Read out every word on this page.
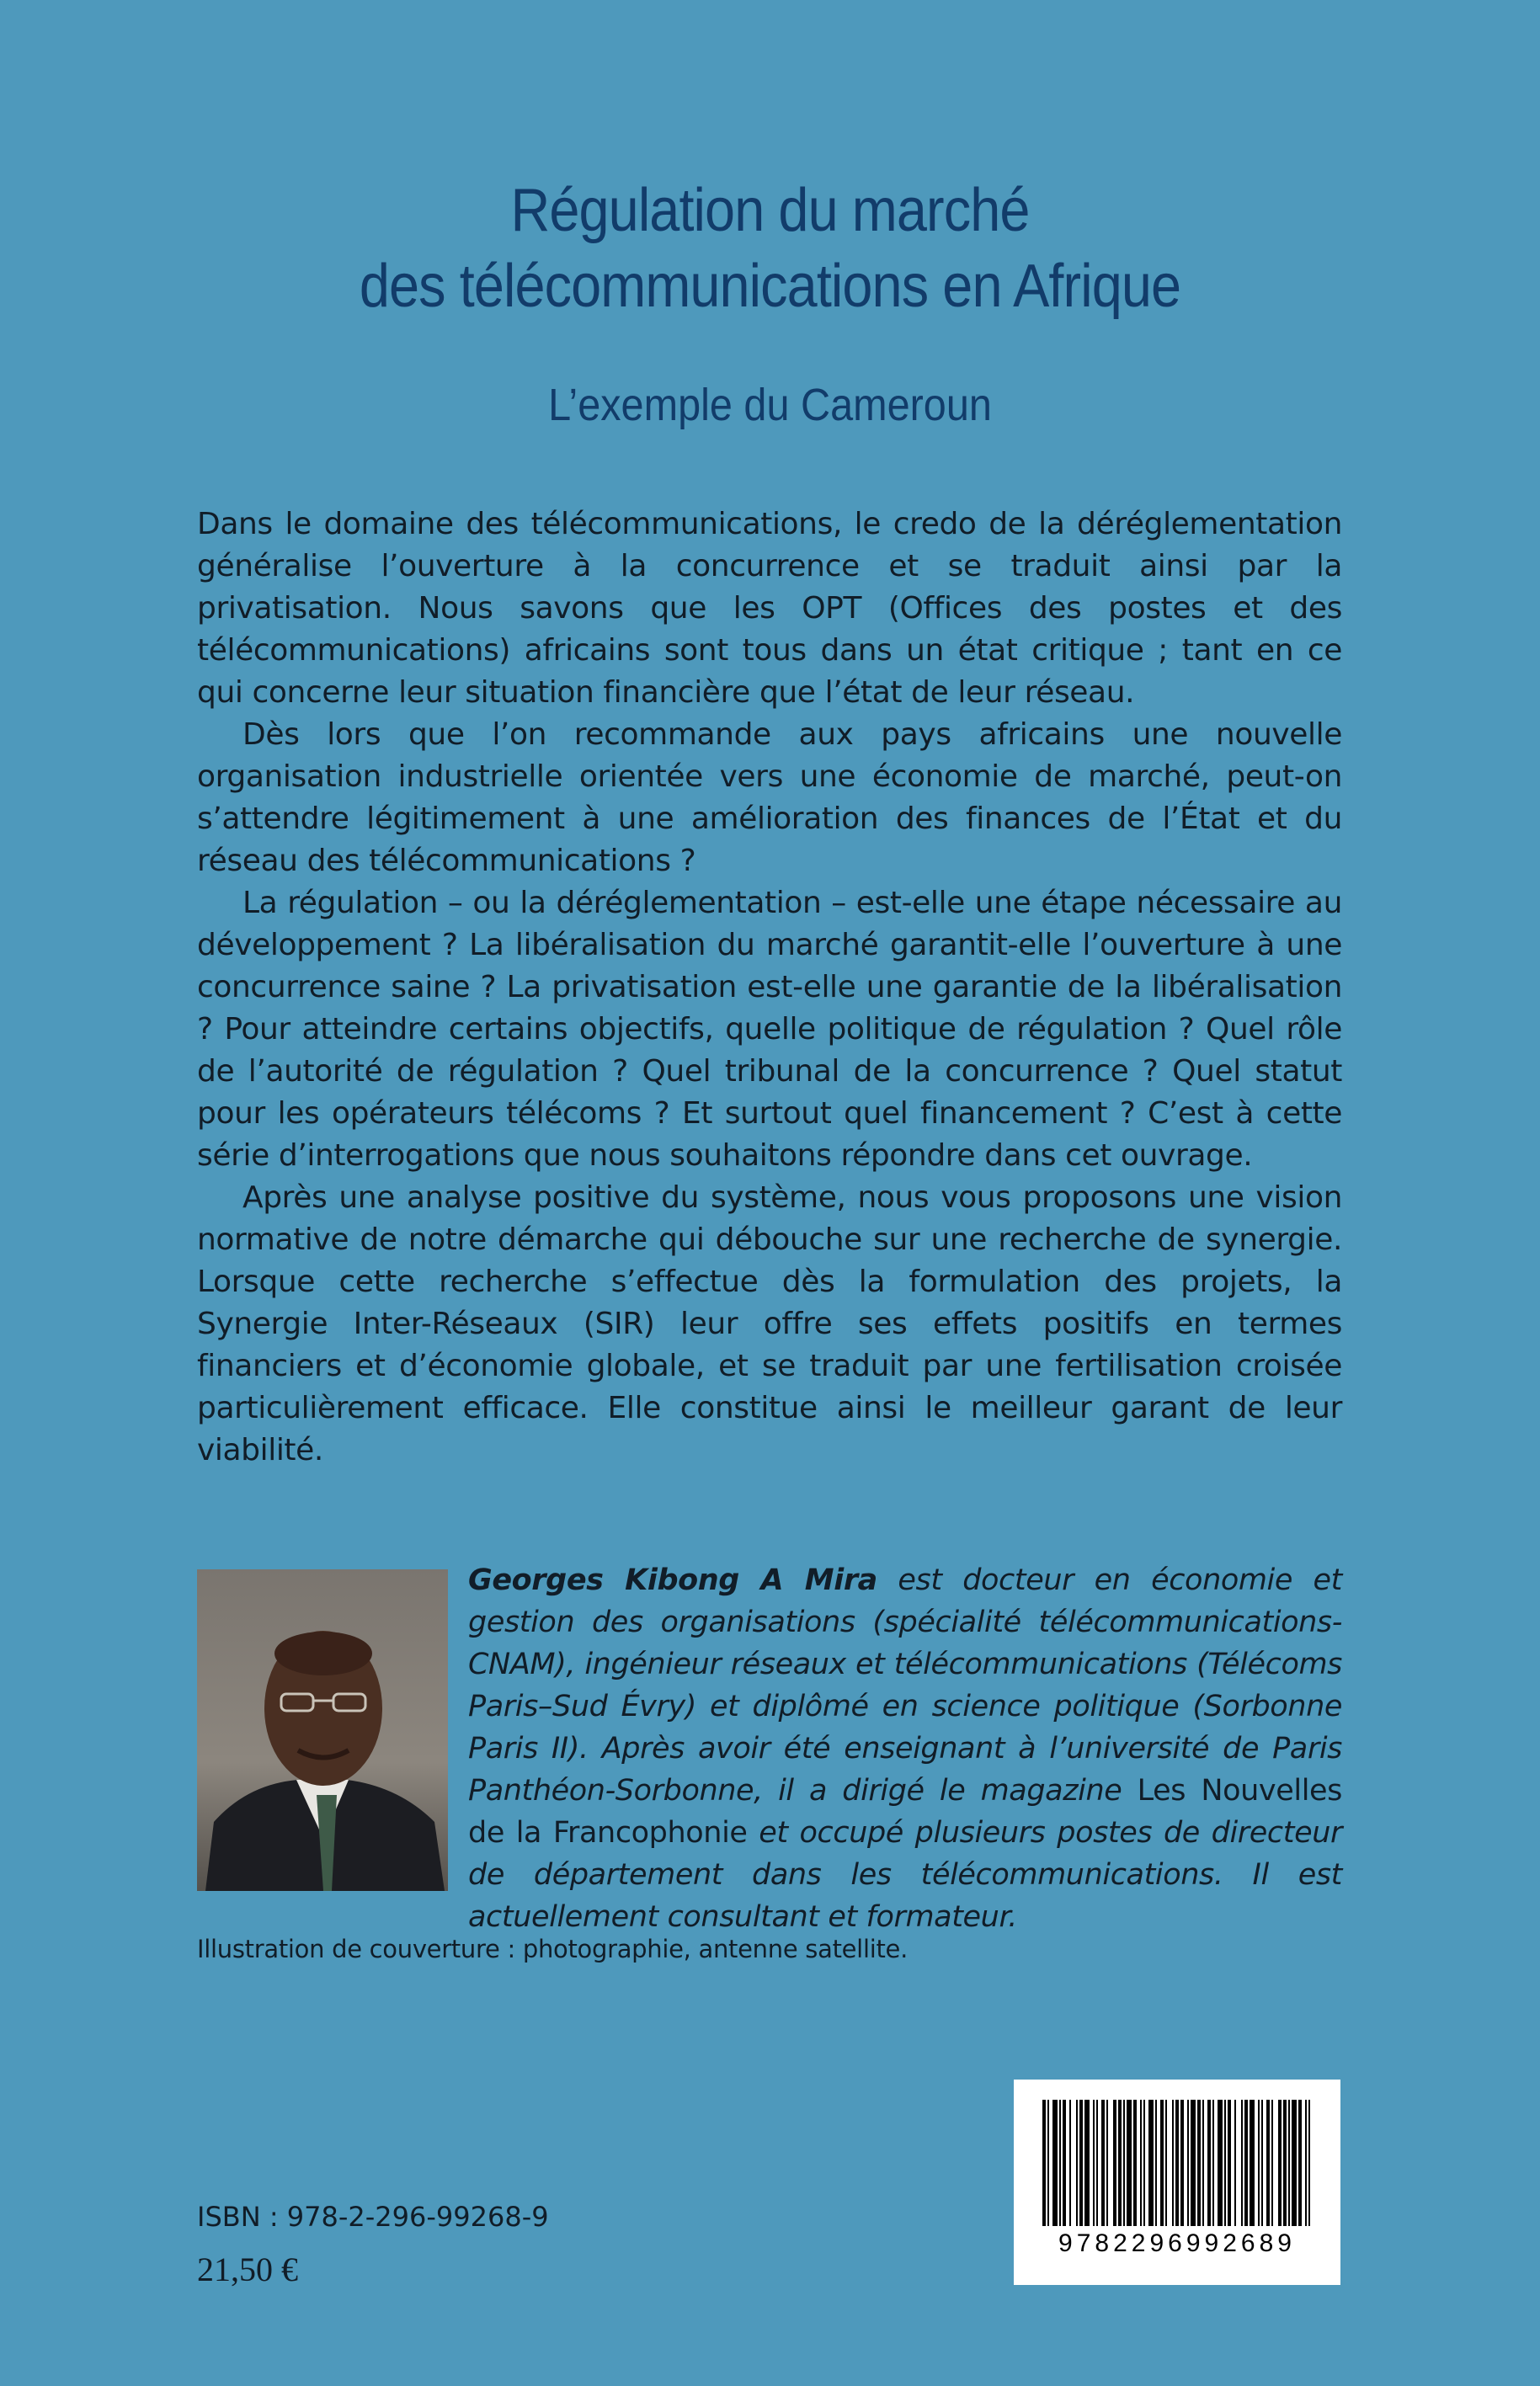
Régulation du marché
des télécommunications en Afrique
L’exemple du Cameroun

Dans le domaine des télécommunications, le credo de la déréglementation généralise l’ouverture à la concurrence et se traduit ainsi par la privatisation. Nous savons que les OPT (Offices des postes et des télécommunications) africains sont tous dans un état critique ; tant en ce qui concerne leur situation financière que l’état de leur réseau.

Dès lors que l’on recommande aux pays africains une nouvelle organisation industrielle orientée vers une économie de marché, peut-on s’attendre légitimement à une amélioration des finances de l’État et du réseau des télécommunications ?

La régulation – ou la déréglementation – est-elle une étape nécessaire au développement ? La libéralisation du marché garantit-elle l’ouverture à une concurrence saine ? La privatisation est-elle une garantie de la libéralisation ? Pour atteindre certains objectifs, quelle politique de régulation ? Quel rôle de l’autorité de régulation ? Quel tribunal de la concurrence ? Quel statut pour les opérateurs télécoms ? Et surtout quel financement ? C’est à cette série d’interrogations que nous souhaitons répondre dans cet ouvrage.

Après une analyse positive du système, nous vous proposons une vision normative de notre démarche qui débouche sur une recherche de synergie. Lorsque cette recherche s’effectue dès la formulation des projets, la Synergie Inter-Réseaux (SIR) leur offre ses effets positifs en termes financiers et d’économie globale, et se traduit par une fertilisation croisée particulièrement efficace. Elle constitue ainsi le meilleur garant de leur viabilité.

Georges Kibong A Mira est docteur en économie et gestion des organisations (spécialité télécommunications-CNAM), ingénieur réseaux et télécommunications (Télécoms Paris–Sud Évry) et diplômé en science politique (Sorbonne Paris II). Après avoir été enseignant à l’université de Paris Panthéon-Sorbonne, il a dirigé le magazine Les Nouvelles de la Francophonie et occupé plusieurs postes de directeur de département dans les télécommunications. Il est actuellement consultant et formateur.
Illustration de couverture : photographie, antenne satellite.
ISBN : 978-2-296-99268-9
21,50 €
9782296992689
